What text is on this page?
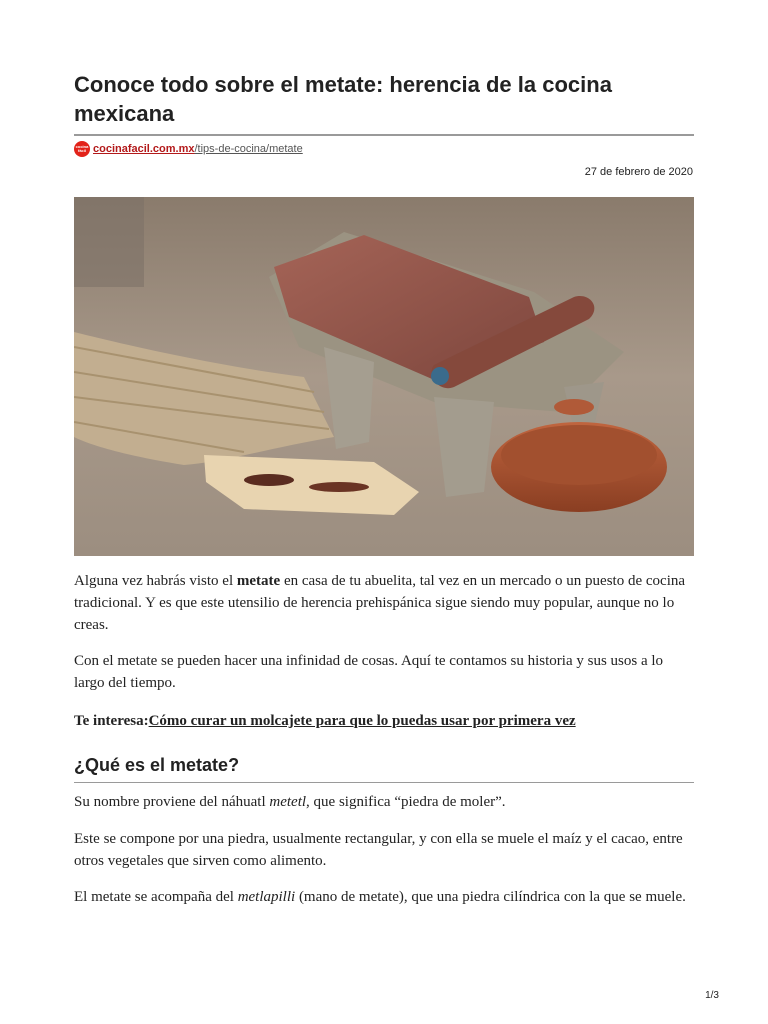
Conoce todo sobre el metate: herencia de la cocina mexicana
cocina fácil cocinafacil.com.mx /tips-de-cocina/metate
27 de febrero de 2020

Alguna vez habrás visto el metate en casa de tu abuelita, tal vez en un mercado o un puesto de cocina tradicional. Y es que este utensilio de herencia prehispánica sigue siendo muy popular, aunque no lo creas.

Con el metate se pueden hacer una infinidad de cosas. Aquí te contamos su historia y sus usos a lo largo del tiempo.

Te interesa:Cómo curar un molcajete para que lo puedas usar por primera vez

¿Qué es el metate?

Su nombre proviene del náhuatl metetl, que significa “piedra de moler”.

Este se compone por una piedra, usualmente rectangular, y con ella se muele el maíz y el cacao, entre otros vegetales que sirven como alimento.

El metate se acompaña del metlapilli (mano de metate), que una piedra cilíndrica con la que se muele.

1/3
